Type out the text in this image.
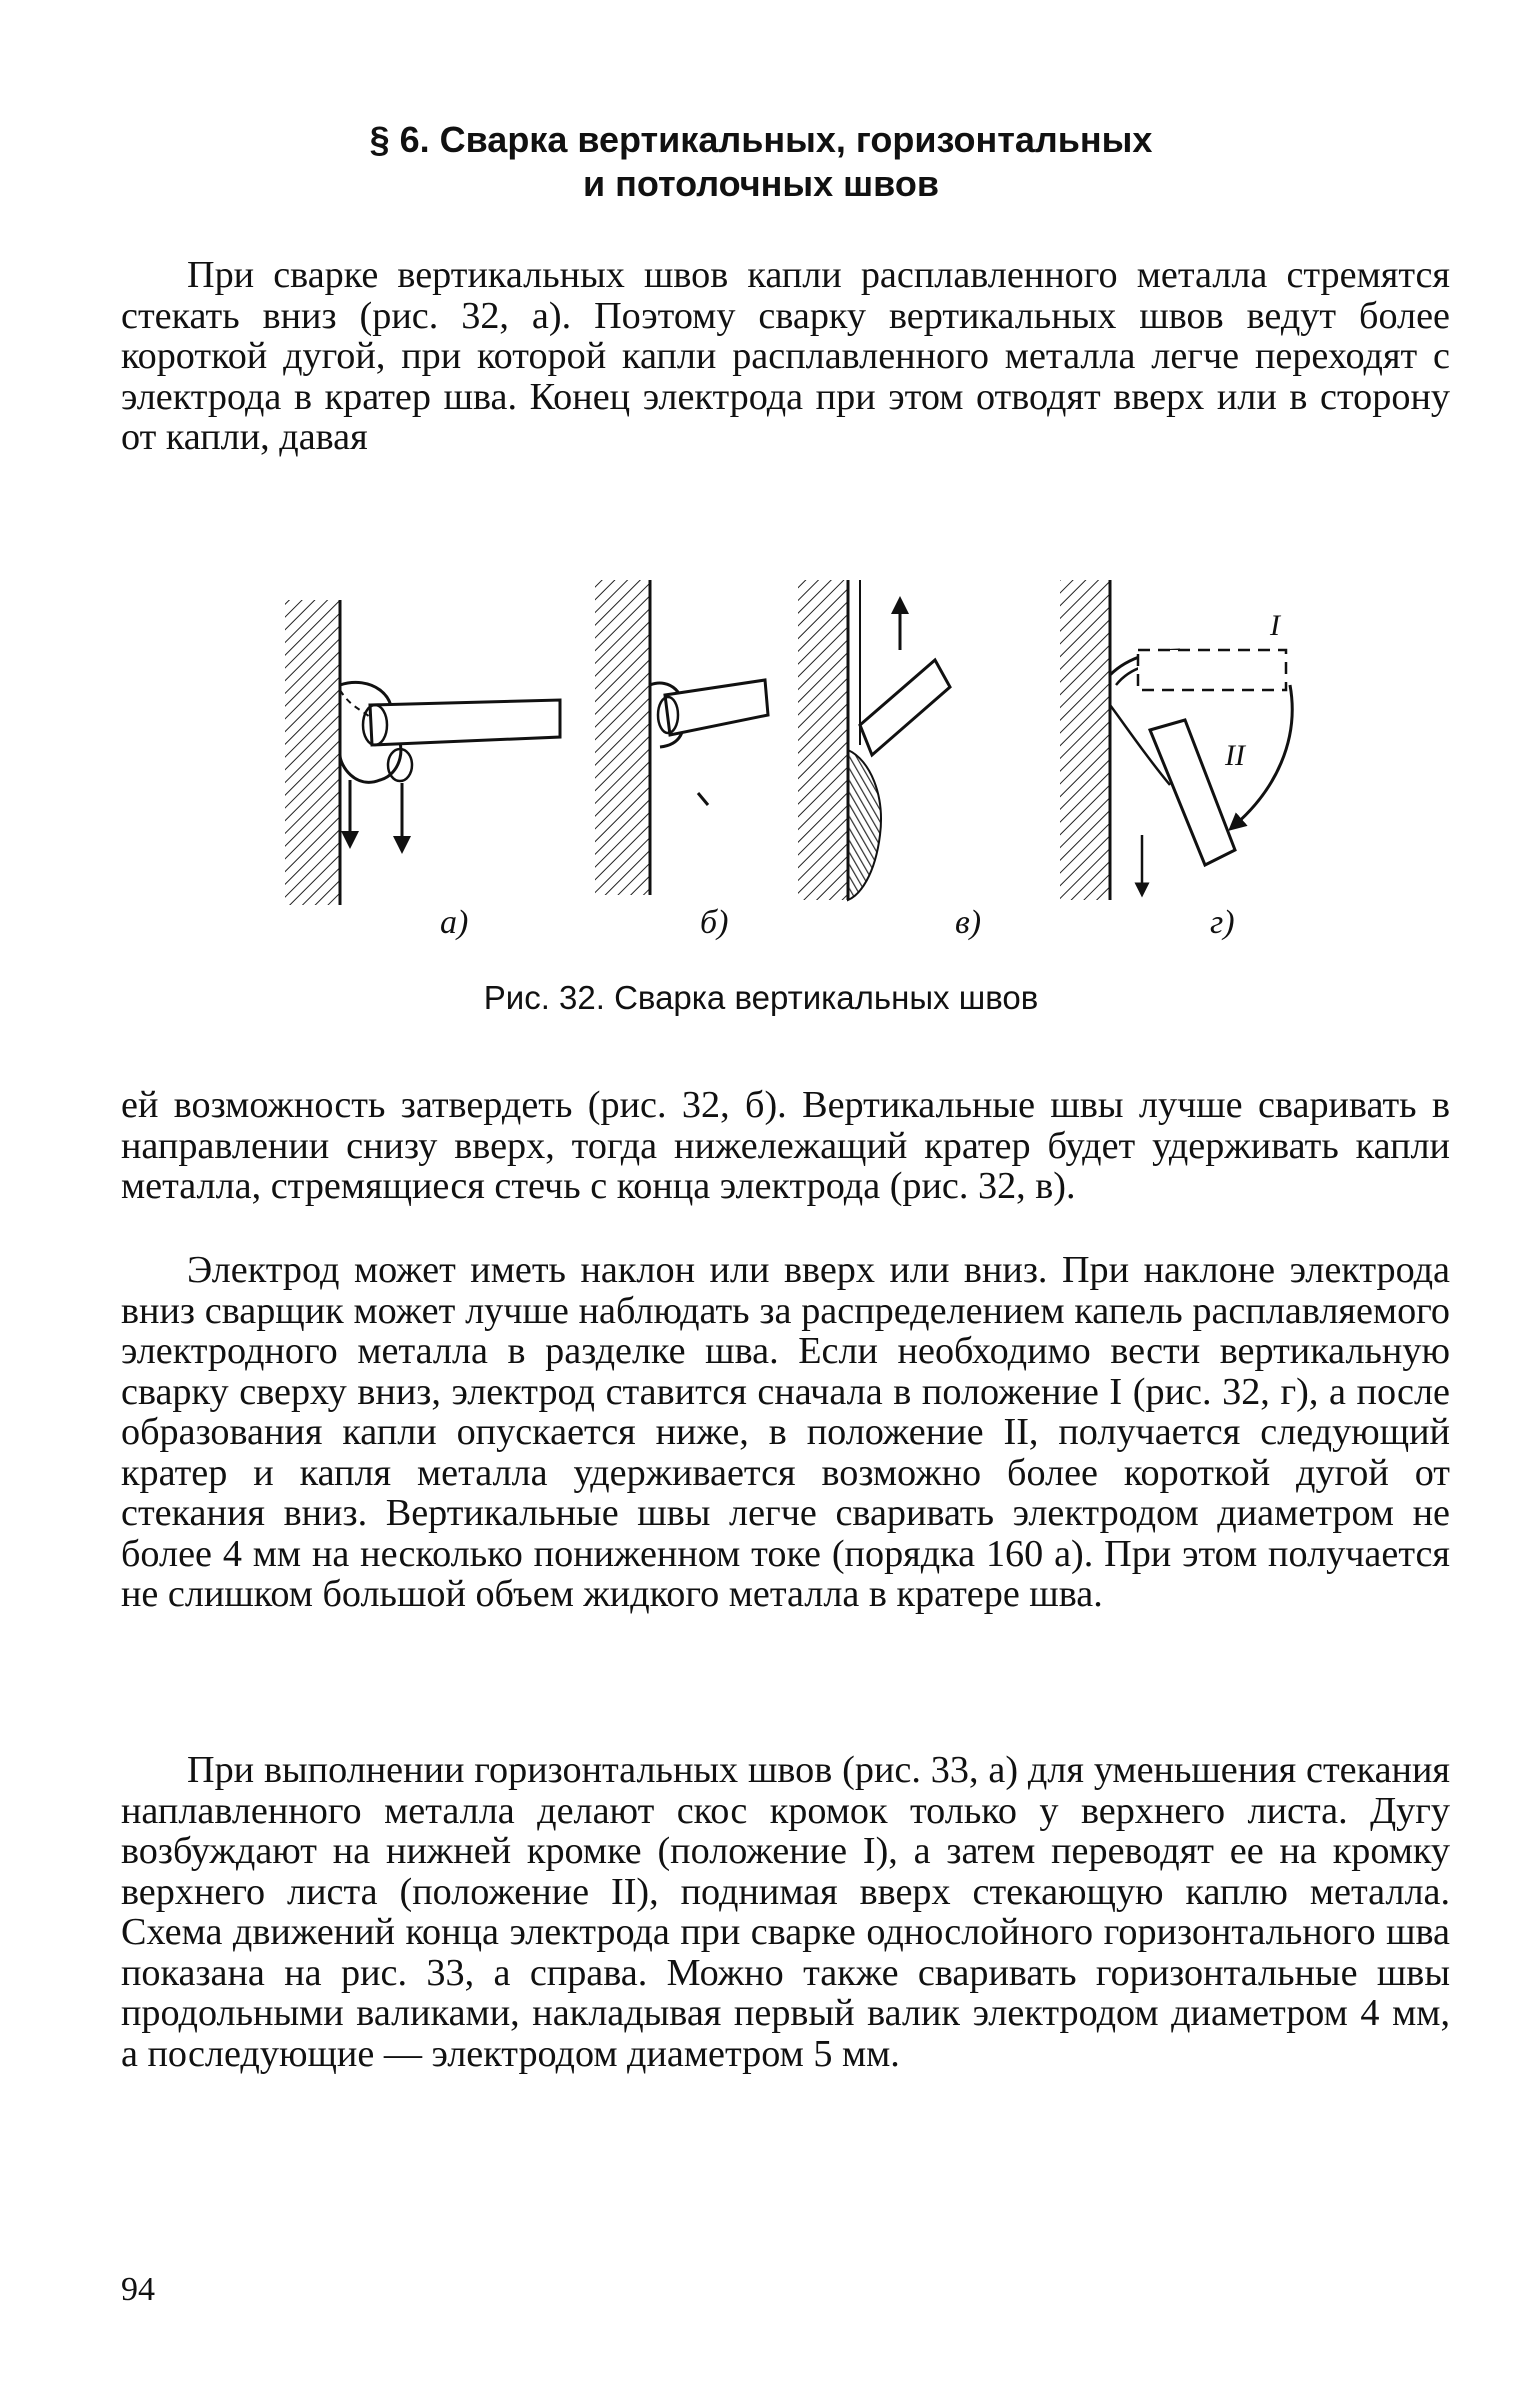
§ 6. Сварка вертикальных, горизонтальных
и потолочных швов

При сварке вертикальных швов капли расплавленного металла стремятся стекать вниз (рис. 32, а). Поэтому сварку вертикальных швов ведут более короткой дугой, при которой капли расплавленного металла легче переходят с электрода в кратер шва. Конец электрода при этом отводят вверх или в сторону от капли, давая

а)	б)	в)
I
II
г)
Рис. 32. Сварка вертикальных швов

ей возможность затвердеть (рис. 32, б). Вертикальные швы лучше сваривать в направлении снизу вверх, тогда нижележащий кратер будет удерживать капли металла, стремящиеся стечь с конца электрода (рис. 32, в).

Электрод может иметь наклон или вверх или вниз. При наклоне электрода вниз сварщик может лучше наблюдать за распределением капель расплавляемого электродного металла в разделке шва. Если необходимо вести вертикальную сварку сверху вниз, электрод ставится сначала в положение I (рис. 32, г), а после образования капли опускается ниже, в положение II, получается следующий кратер и капля металла удерживается возможно более короткой дугой от стекания вниз. Вертикальные швы легче сваривать электродом диаметром не более 4 мм на несколько пониженном токе (порядка 160 а). При этом получается не слишком большой объем жидкого металла в кратере шва.

При выполнении горизонтальных швов (рис. 33, а) для уменьшения стекания наплавленного металла делают скос кромок только у верхнего листа. Дугу возбуждают на нижней кромке (положение I), а затем переводят ее на кромку верхнего листа (положение II), поднимая вверх стекающую каплю металла. Схема движений конца электрода при сварке однослойного горизонтального шва показана на рис. 33, а справа. Можно также сваривать горизонтальные швы продольными валиками, накладывая первый валик электродом диаметром 4 мм, а последующие — электродом диаметром 5 мм.

94
